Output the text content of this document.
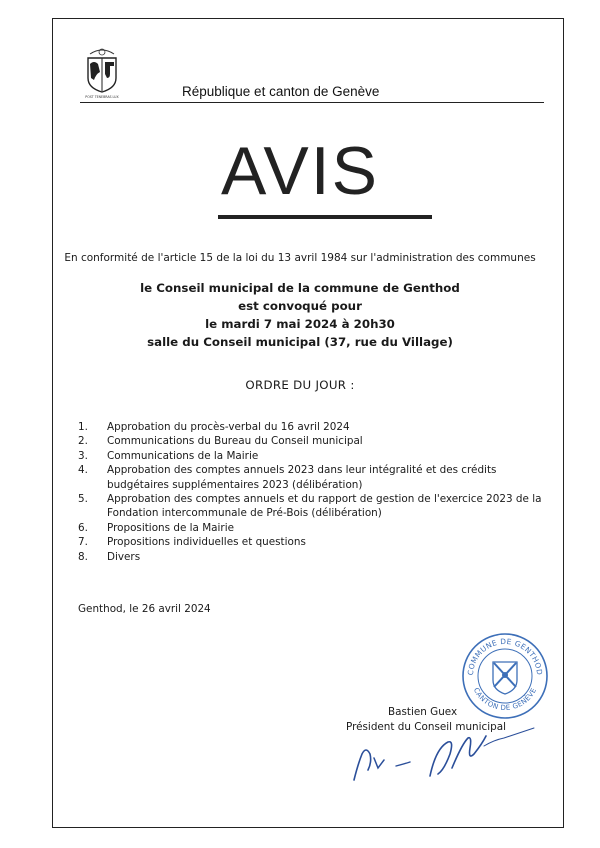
POST TENEBRAS LUX	République et canton de Genève
AVIS
En conformité de l'article 15 de la loi du 13 avril 1984 sur l'administration des communes
le Conseil municipal de la commune de Genthod
est convoqué pour
le mardi 7 mai 2024 à 20h30
salle du Conseil municipal (37, rue du Village)
ORDRE DU JOUR :
1.	Approbation du procès-verbal du 16 avril 2024
2.	Communications du Bureau du Conseil municipal
3.	Communications de la Mairie
4.	Approbation des comptes annuels 2023 dans leur intégralité et des crédits budgétaires supplémentaires 2023 (délibération)
5.	Approbation des comptes annuels et du rapport de gestion de l'exercice 2023 de la Fondation intercommunale de Pré-Bois (délibération)
6.	Propositions de la Mairie
7.	Propositions individuelles et questions
8.	Divers
Genthod, le 26 avril 2024
COMMUNE DE GENTHOD
CANTON DE GENÈVE
Bastien Guex
Président du Conseil municipal
